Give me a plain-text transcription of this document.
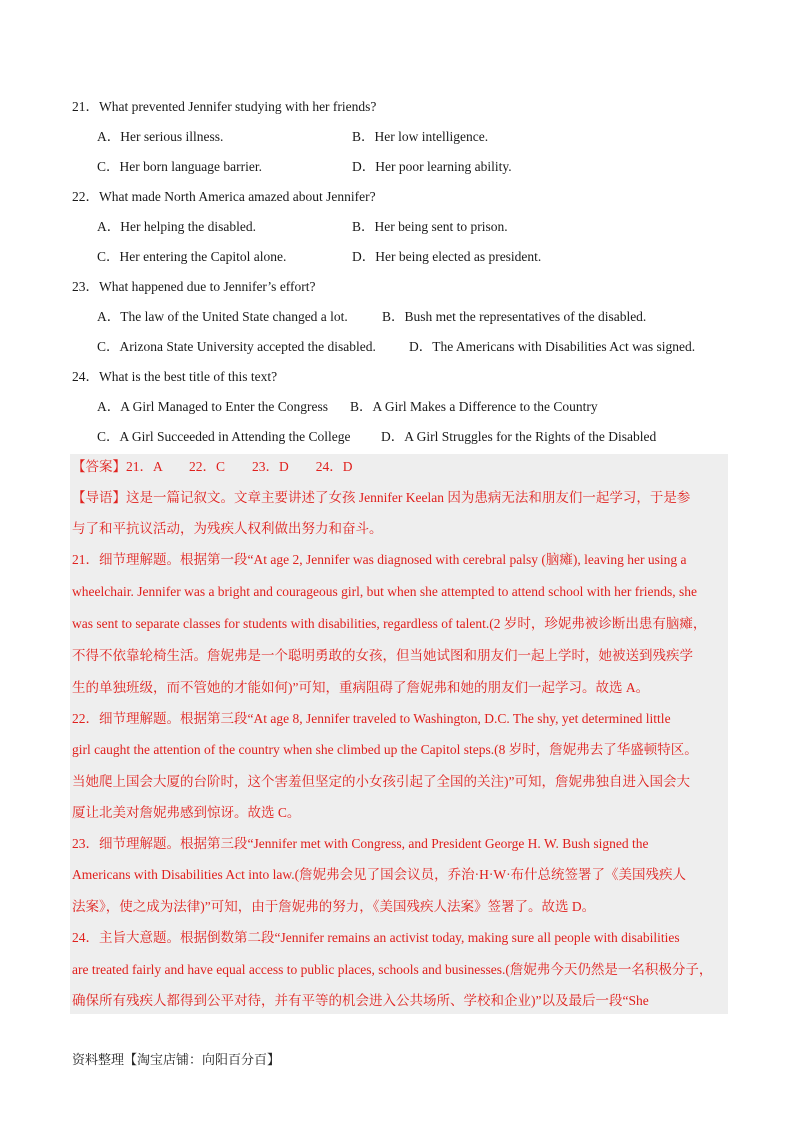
21．What prevented Jennifer studying with her friends?
A．Her serious illness.	B．Her low intelligence.
C．Her born language barrier.	D．Her poor learning ability.
22．What made North America amazed about Jennifer?
A．Her helping the disabled.	B．Her being sent to prison.
C．Her entering the Capitol alone.	D．Her being elected as president.
23．What happened due to Jennifer’s effort?
A．The law of the United State changed a lot.	B．Bush met the representatives of the disabled.
C．Arizona State University accepted the disabled. D．The Americans with Disabilities Act was signed.
24．What is the best title of this text?
A．A Girl Managed to Enter the Congress B．A Girl Makes a Difference to the Country
C．A Girl Succeeded in Attending the College D．A Girl Struggles for the Rights of the Disabled
【答案】21．A　　22．C　　23．D　　24．D
【导语】这是一篇记叙文。文章主要讲述了女孩 Jennifer Keelan 因为患病无法和朋友们一起学习，于是参
与了和平抗议活动，为残疾人权利做出努力和奋斗。
21．细节理解题。根据第一段“At age 2, Jennifer was diagnosed with cerebral palsy (脑瘫), leaving her using a
wheelchair. Jennifer was a bright and courageous girl, but when she attempted to attend school with her friends, she
was sent to separate classes for students with disabilities, regardless of talent.(2 岁时，珍妮弗被诊断出患有脑瘫，
不得不依靠轮椅生活。詹妮弗是一个聪明勇敢的女孩，但当她试图和朋友们一起上学时，她被送到残疾学
生的单独班级，而不管她的才能如何)”可知，重病阻碍了詹妮弗和她的朋友们一起学习。故选 A。
22．细节理解题。根据第三段“At age 8, Jennifer traveled to Washington, D.C. The shy, yet determined little
girl caught the attention of the country when she climbed up the Capitol steps.(8 岁时，詹妮弗去了华盛顿特区。
当她爬上国会大厦的台阶时，这个害羞但坚定的小女孩引起了全国的关注)”可知，詹妮弗独自进入国会大
厦让北美对詹妮弗感到惊讶。故选 C。
23．细节理解题。根据第三段“Jennifer met with Congress, and President George H. W. Bush signed the
Americans with Disabilities Act into law.(詹妮弗会见了国会议员，乔治·H·W·布什总统签署了《美国残疾人
法案》，使之成为法律)”可知，由于詹妮弗的努力，《美国残疾人法案》签署了。故选 D。
24．主旨大意题。根据倒数第二段“Jennifer remains an activist today, making sure all people with disabilities
are treated fairly and have equal access to public places, schools and businesses.(詹妮弗今天仍然是一名积极分子，
确保所有残疾人都得到公平对待，并有平等的机会进入公共场所、学校和企业)”以及最后一段“She
资料整理【淘宝店铺：向阳百分百】
